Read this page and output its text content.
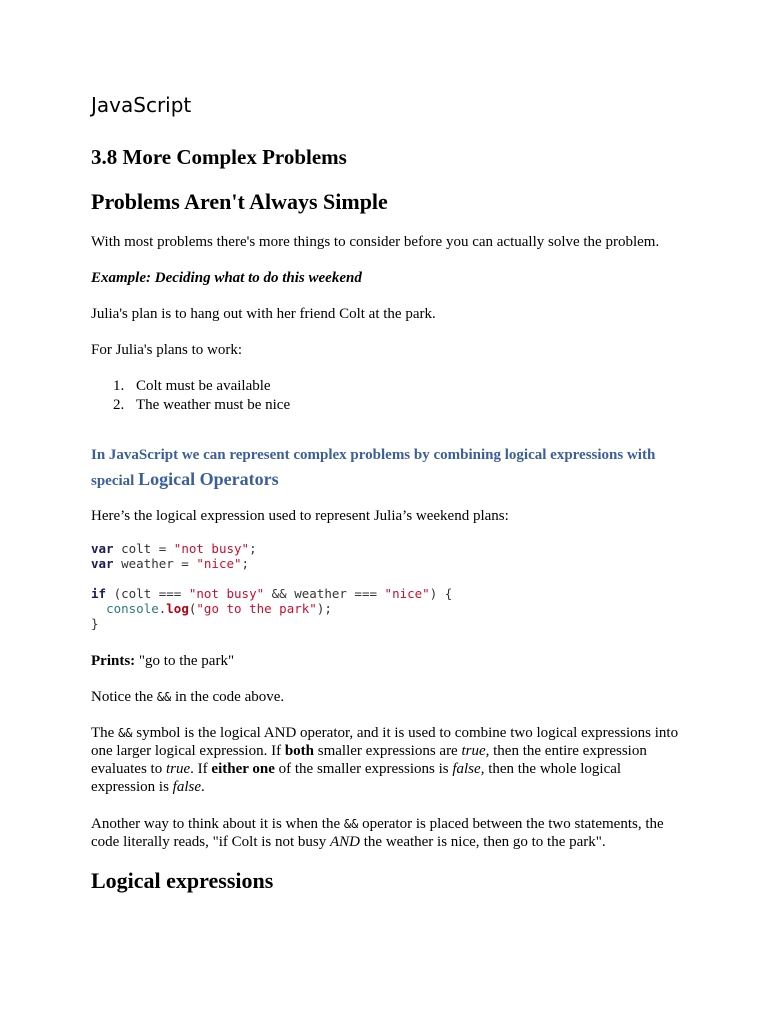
JavaScript
3.8 More Complex Problems
Problems Aren't Always Simple

With most problems there's more things to consider before you can actually solve the problem.

Example: Deciding what to do this weekend

Julia's plan is to hang out with her friend Colt at the park.

For Julia's plans to work:

1. Colt must be available
2. The weather must be nice

In JavaScript we can represent complex problems by combining logical expressions with special Logical Operators

Here’s the logical expression used to represent Julia’s weekend plans:

var colt = "not busy";
var weather = "nice";

if (colt === "not busy" && weather === "nice") {
console.log("go to the park");
}

Prints: "go to the park"

Notice the && in the code above.

The && symbol is the logical AND operator, and it is used to combine two logical expressions into one larger logical expression. If both smaller expressions are true, then the entire expression evaluates to true. If either one of the smaller expressions is false, then the whole logical expression is false.

Another way to think about it is when the && operator is placed between the two statements, the code literally reads, "if Colt is not busy AND the weather is nice, then go to the park".

Logical expressions
